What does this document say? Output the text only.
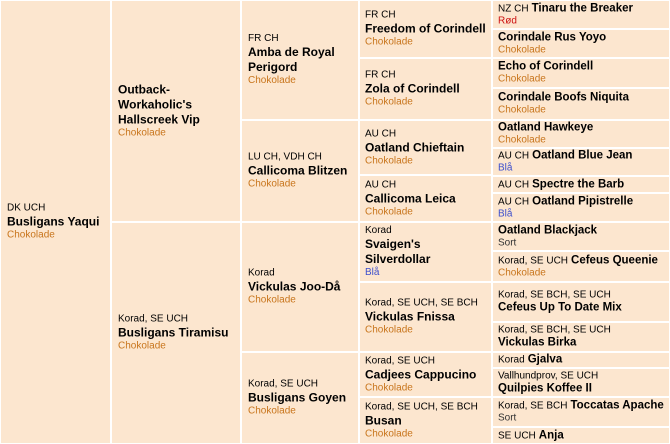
DK UCH
Busligans Yaqui
Chokolade
Outback-Workaholic's Hallscreek Vip
Chokolade
Korad, SE UCH
Busligans Tiramisu
Chokolade
FR CH
Amba de Royal Perigord
Chokolade
LU CH, VDH CH
Callicoma Blitzen
Chokolade
Korad
Vickulas Joo-Då
Chokolade
Korad, SE UCH
Busligans Goyen
Chokolade
FR CH
Freedom of Corindell
Chokolade
FR CH
Zola of Corindell
Chokolade
AU CH
Oatland Chieftain
Chokolade
AU CH
Callicoma Leica
Chokolade
Korad
Svaigen's Silverdollar
Blå
Korad, SE UCH, SE BCH
Vickulas Fnissa
Chokolade
Korad, SE UCH
Cadjees Cappucino
Chokolade
Korad, SE UCH, SE BCH
Busan
Chokolade
NZ CH Tinaru the Breaker
Rød
Corindale Rus Yoyo
Chokolade
Echo of Corindell
Chokolade
Corindale Boofs Niquita
Chokolade
Oatland Hawkeye
Chokolade
AU CH Oatland Blue Jean
Blå
AU CH Spectre the Barb
AU CH Oatland Pipistrelle
Blå
Oatland Blackjack
Sort
Korad, SE UCH Cefeus Queenie
Chokolade
Korad, SE BCH, SE UCH
Cefeus Up To Date Mix
Korad, SE BCH, SE UCH
Vickulas Birka
Korad Gjalva
Vallhundprov, SE UCH
Quilpies Koffee II
Korad, SE BCH Toccatas Apache
Sort
SE UCH Anja
